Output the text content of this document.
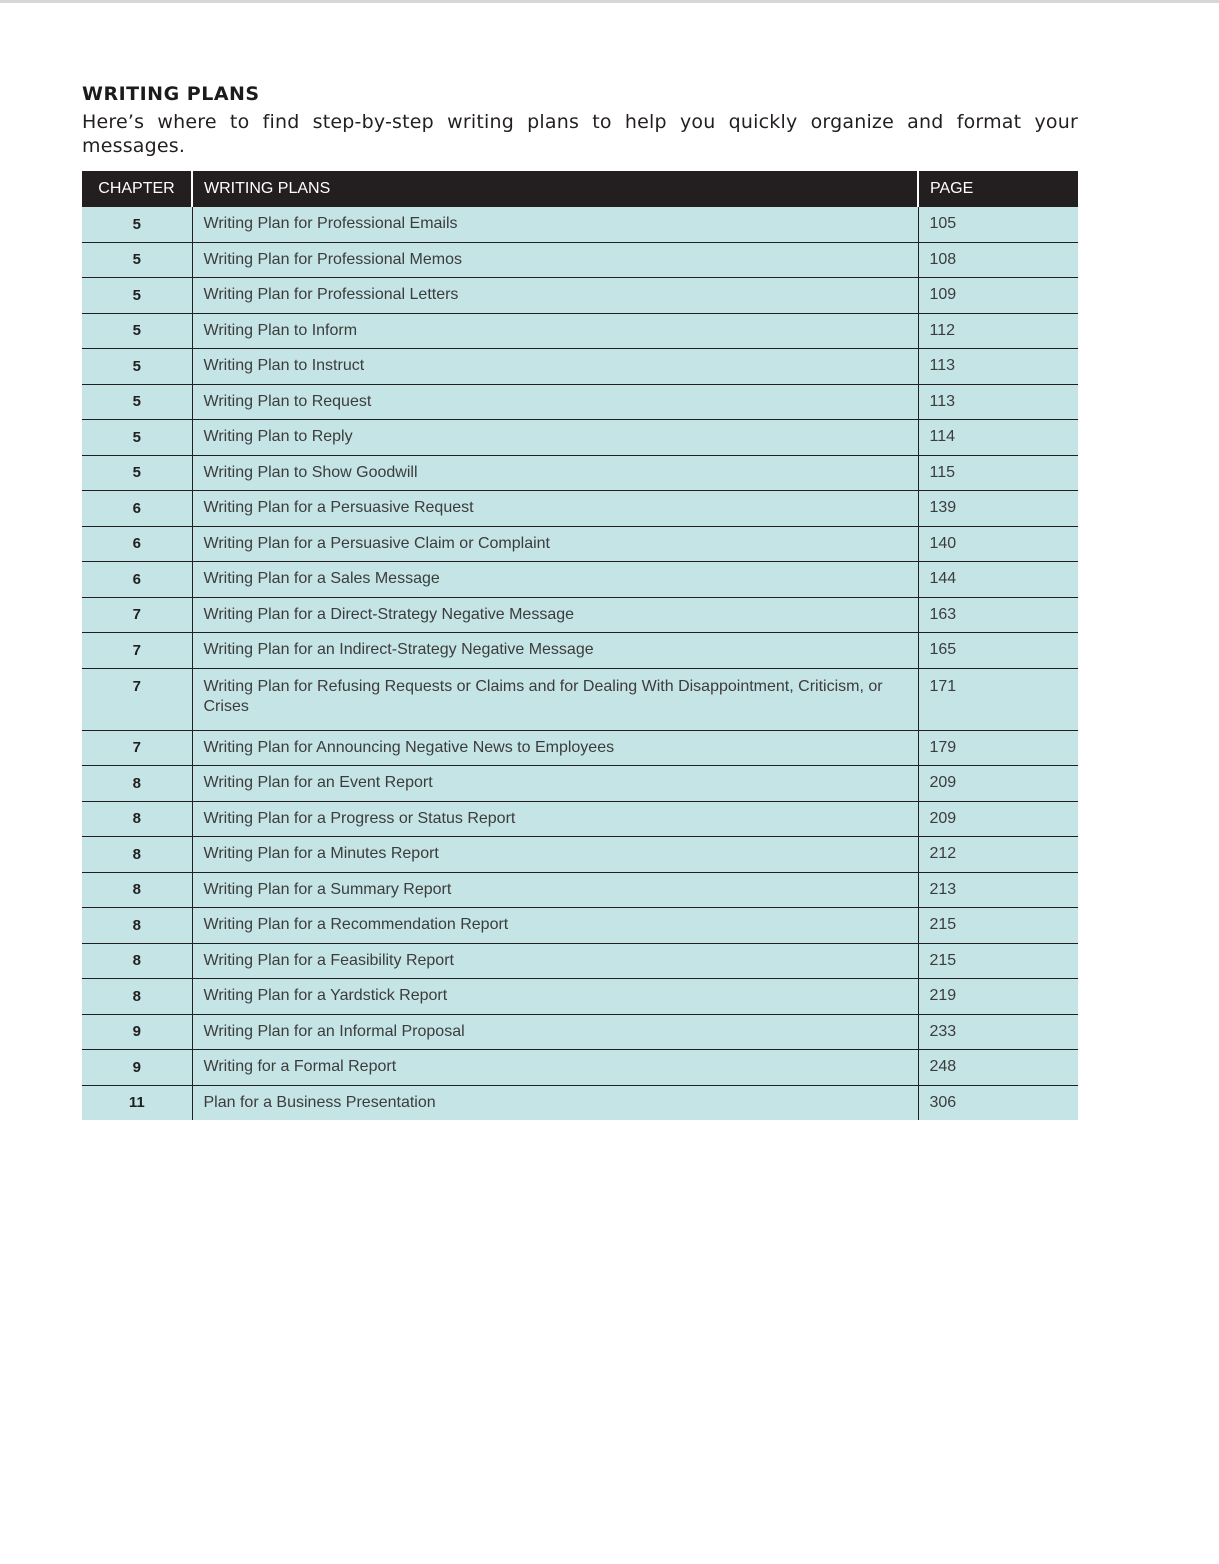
WRITING PLANS

Here’s where to find step-by-step writing plans to help you quickly organize and format your messages.

CHAPTER	WRITING PLANS	PAGE
5	Writing Plan for Professional Emails	105
5	Writing Plan for Professional Memos	108
5	Writing Plan for Professional Letters	109
5	Writing Plan to Inform	112
5	Writing Plan to Instruct	113
5	Writing Plan to Request	113
5	Writing Plan to Reply	114
5	Writing Plan to Show Goodwill	115
6	Writing Plan for a Persuasive Request	139
6	Writing Plan for a Persuasive Claim or Complaint	140
6	Writing Plan for a Sales Message	144
7	Writing Plan for a Direct-Strategy Negative Message	163
7	Writing Plan for an Indirect-Strategy Negative Message	165
7	Writing Plan for Refusing Requests or Claims and for Dealing With Disappointment, Criticism, or Crises	171
7	Writing Plan for Announcing Negative News to Employees	179
8	Writing Plan for an Event Report	209
8	Writing Plan for a Progress or Status Report	209
8	Writing Plan for a Minutes Report	212
8	Writing Plan for a Summary Report	213
8	Writing Plan for a Recommendation Report	215
8	Writing Plan for a Feasibility Report	215
8	Writing Plan for a Yardstick Report	219
9	Writing Plan for an Informal Proposal	233
9	Writing for a Formal Report	248
11	Plan for a Business Presentation	306
